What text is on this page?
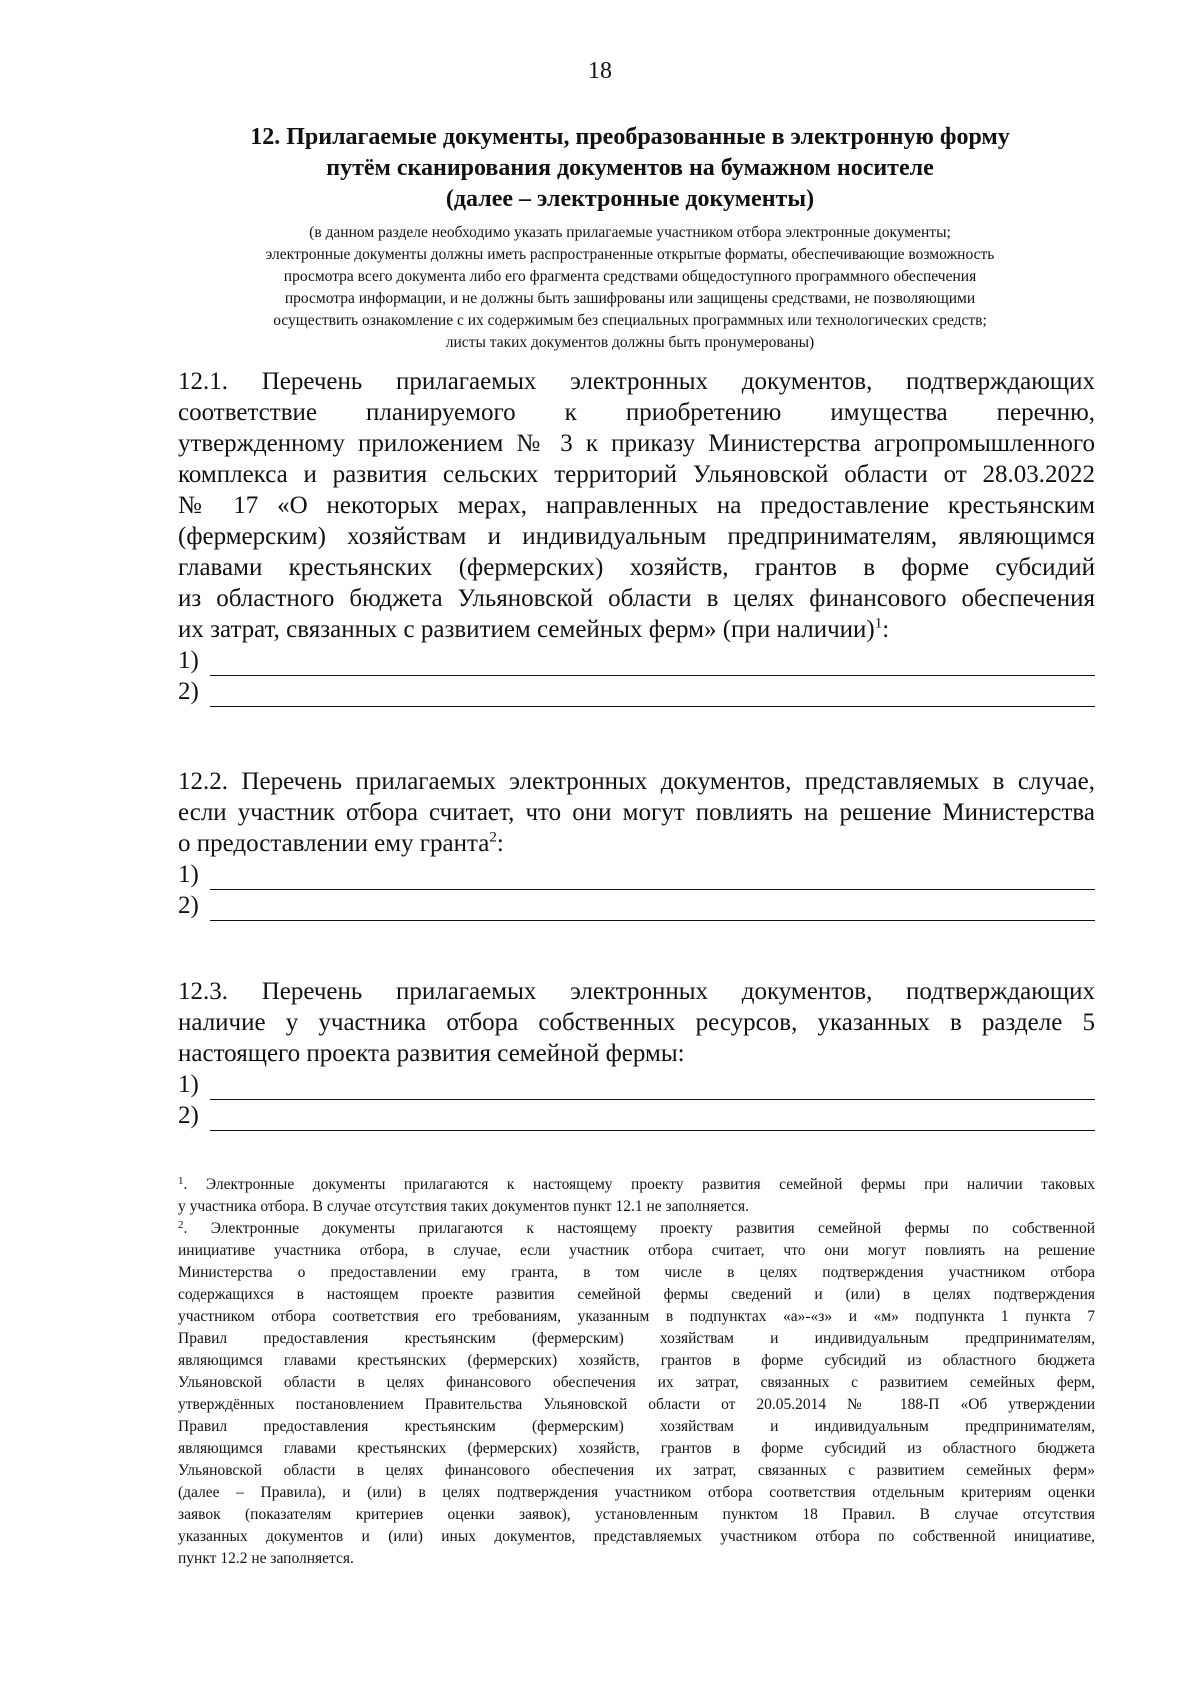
18
12. Прилагаемые документы, преобразованные в электронную форму
путём сканирования документов на бумажном носителе
(далее – электронные документы)
(в данном разделе необходимо указать прилагаемые участником отбора электронные документы;
электронные документы должны иметь распространенные открытые форматы, обеспечивающие возможность
просмотра всего документа либо его фрагмента средствами общедоступного программного обеспечения
просмотра информации, и не должны быть зашифрованы или защищены средствами, не позволяющими
осуществить ознакомление с их содержимым без специальных программных или технологических средств;
листы таких документов должны быть пронумерованы)
12.1. Перечень прилагаемых электронных документов, подтверждающих
соответствие планируемого к приобретению имущества перечню,
утвержденному приложением № 3 к приказу Министерства агропромышленного
комплекса и развития сельских территорий Ульяновской области от 28.03.2022
№ 17 «О некоторых мерах, направленных на предоставление крестьянским
(фермерским) хозяйствам и индивидуальным предпринимателям, являющимся
главами крестьянских (фермерских) хозяйств, грантов в форме субсидий
из областного бюджета Ульяновской области в целях финансового обеспечения
их затрат, связанных с развитием семейных ферм» (при наличии)$^1$:
1)
2)
12.2. Перечень прилагаемых электронных документов, представляемых в случае,
если участник отбора считает, что они могут повлиять на решение Министерства
о предоставлении ему гранта$^2$:
1)
2)
12.3. Перечень прилагаемых электронных документов, подтверждающих
наличие у участника отбора собственных ресурсов, указанных в разделе 5
настоящего проекта развития семейной фермы:
1)
2)
$^1$. Электронные документы прилагаются к настоящему проекту развития семейной фермы при наличии таковых
у участника отбора. В случае отсутствия таких документов пункт 12.1 не заполняется.
$^2$. Электронные документы прилагаются к настоящему проекту развития семейной фермы по собственной
инициативе участника отбора, в случае, если участник отбора считает, что они могут повлиять на решение
Министерства о предоставлении ему гранта, в том числе в целях подтверждения участником отбора
содержащихся в настоящем проекте развития семейной фермы сведений и (или) в целях подтверждения
участником отбора соответствия его требованиям, указанным в подпунктах «а»-«з» и «м» подпункта 1 пункта 7
Правил предоставления крестьянским (фермерским) хозяйствам и индивидуальным предпринимателям,
являющимся главами крестьянских (фермерских) хозяйств, грантов в форме субсидий из областного бюджета
Ульяновской области в целях финансового обеспечения их затрат, связанных с развитием семейных ферм,
утверждённых постановлением Правительства Ульяновской области от 20.05.2014 № 188-П «Об утверждении
Правил предоставления крестьянским (фермерским) хозяйствам и индивидуальным предпринимателям,
являющимся главами крестьянских (фермерских) хозяйств, грантов в форме субсидий из областного бюджета
Ульяновской области в целях финансового обеспечения их затрат, связанных с развитием семейных ферм»
(далее – Правила), и (или) в целях подтверждения участником отбора соответствия отдельным критериям оценки
заявок (показателям критериев оценки заявок), установленным пунктом 18 Правил. В случае отсутствия
указанных документов и (или) иных документов, представляемых участником отбора по собственной инициативе,
пункт 12.2 не заполняется.
